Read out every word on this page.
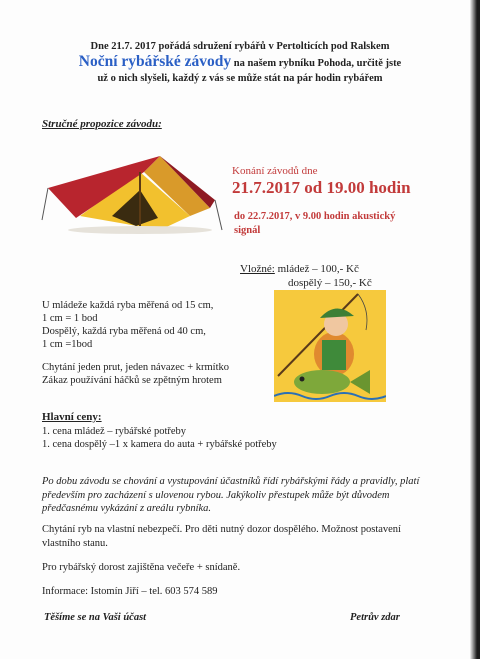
Dne 21.7. 2017 pořádá sdružení rybářů v Pertolticích pod Ralskem
Noční rybářské závody na našem rybníku Pohoda, určitě jste
už o nich slyšeli, každý z vás se může stát na pár hodin rybářem
Stručné propozice závodu:
Konání závodů dne
21.7.2017 od 19.00 hodin
do 22.7.2017, v 9.00 hodin akustický signál
Vložné: mládež – 100,- Kč
dospělý – 150,- Kč
U mládeže každá ryba měřená od 15 cm,
1 cm = 1 bod
Dospělý, každá ryba měřená od 40 cm,
1 cm =1bod
Chytání jeden prut, jeden návazec + krmítko
Zákaz používání háčků se zpětným hrotem
Hlavní ceny:
1. cena mládež – rybářské potřeby
1. cena dospělý –1 x kamera do auta + rybářské potřeby
Po dobu závodu se chování a vystupování účastníků řídí rybářskými řády a pravidly, platí především pro zacházení s ulovenou rybou. Jakýkoliv přestupek může být důvodem předčasnému vykázání z areálu rybníka.
Chytání ryb na vlastní nebezpečí. Pro děti nutný dozor dospělého. Možnost postavení vlastního stanu.
Pro rybářský dorost zajištěna večeře + snídaně.
Informace: Istomín Jiří – tel. 603 574 589
Těšíme se na Vaši účast	Petrův zdar
